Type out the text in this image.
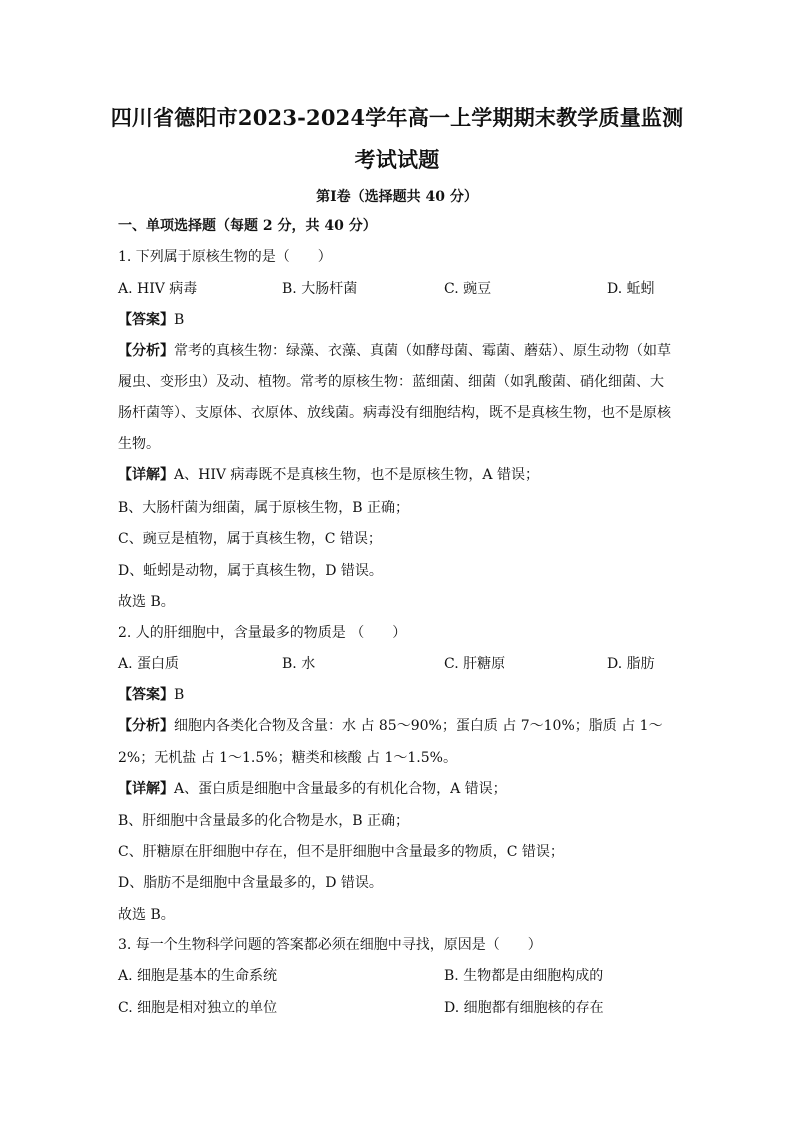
四川省德阳市2023-2024学年高一上学期期末教学质量监测
考试试题
第Ⅰ卷（选择题共 40 分）
一、单项选择题（每题 2 分，共 40 分）
1. 下列属于原核生物的是（　　）
A. HIV 病毒	B. 大肠杆菌	C. 豌豆	D. 蚯蚓
【答案】B
【分析】常考的真核生物：绿藻、衣藻、真菌（如酵母菌、霉菌、蘑菇）、原生动物（如草
履虫、变形虫）及动、植物。常考的原核生物：蓝细菌、细菌（如乳酸菌、硝化细菌、大
肠杆菌等）、支原体、衣原体、放线菌。病毒没有细胞结构，既不是真核生物，也不是原核
生物。
【详解】A、HIV 病毒既不是真核生物，也不是原核生物，A 错误；
B、大肠杆菌为细菌，属于原核生物，B 正确；
C、豌豆是植物，属于真核生物，C 错误；
D、蚯蚓是动物，属于真核生物，D 错误。
故选 B。
2. 人的肝细胞中，含量最多的物质是 （　　）
A. 蛋白质	B. 水	C. 肝糖原	D. 脂肪
【答案】B
【分析】细胞内各类化合物及含量：水 占 85～90%；蛋白质 占 7～10%；脂质 占 1～
2%；无机盐 占 1～1.5%；糖类和核酸 占 1～1.5%。
【详解】A、蛋白质是细胞中含量最多的有机化合物，A 错误；
B、肝细胞中含量最多的化合物是水，B 正确；
C、肝糖原在肝细胞中存在，但不是肝细胞中含量最多的物质，C 错误；
D、脂肪不是细胞中含量最多的，D 错误。
故选 B。
3. 每一个生物科学问题的答案都必须在细胞中寻找，原因是（　　）
A. 细胞是基本的生命系统	B. 生物都是由细胞构成的
C. 细胞是相对独立的单位	D. 细胞都有细胞核的存在
